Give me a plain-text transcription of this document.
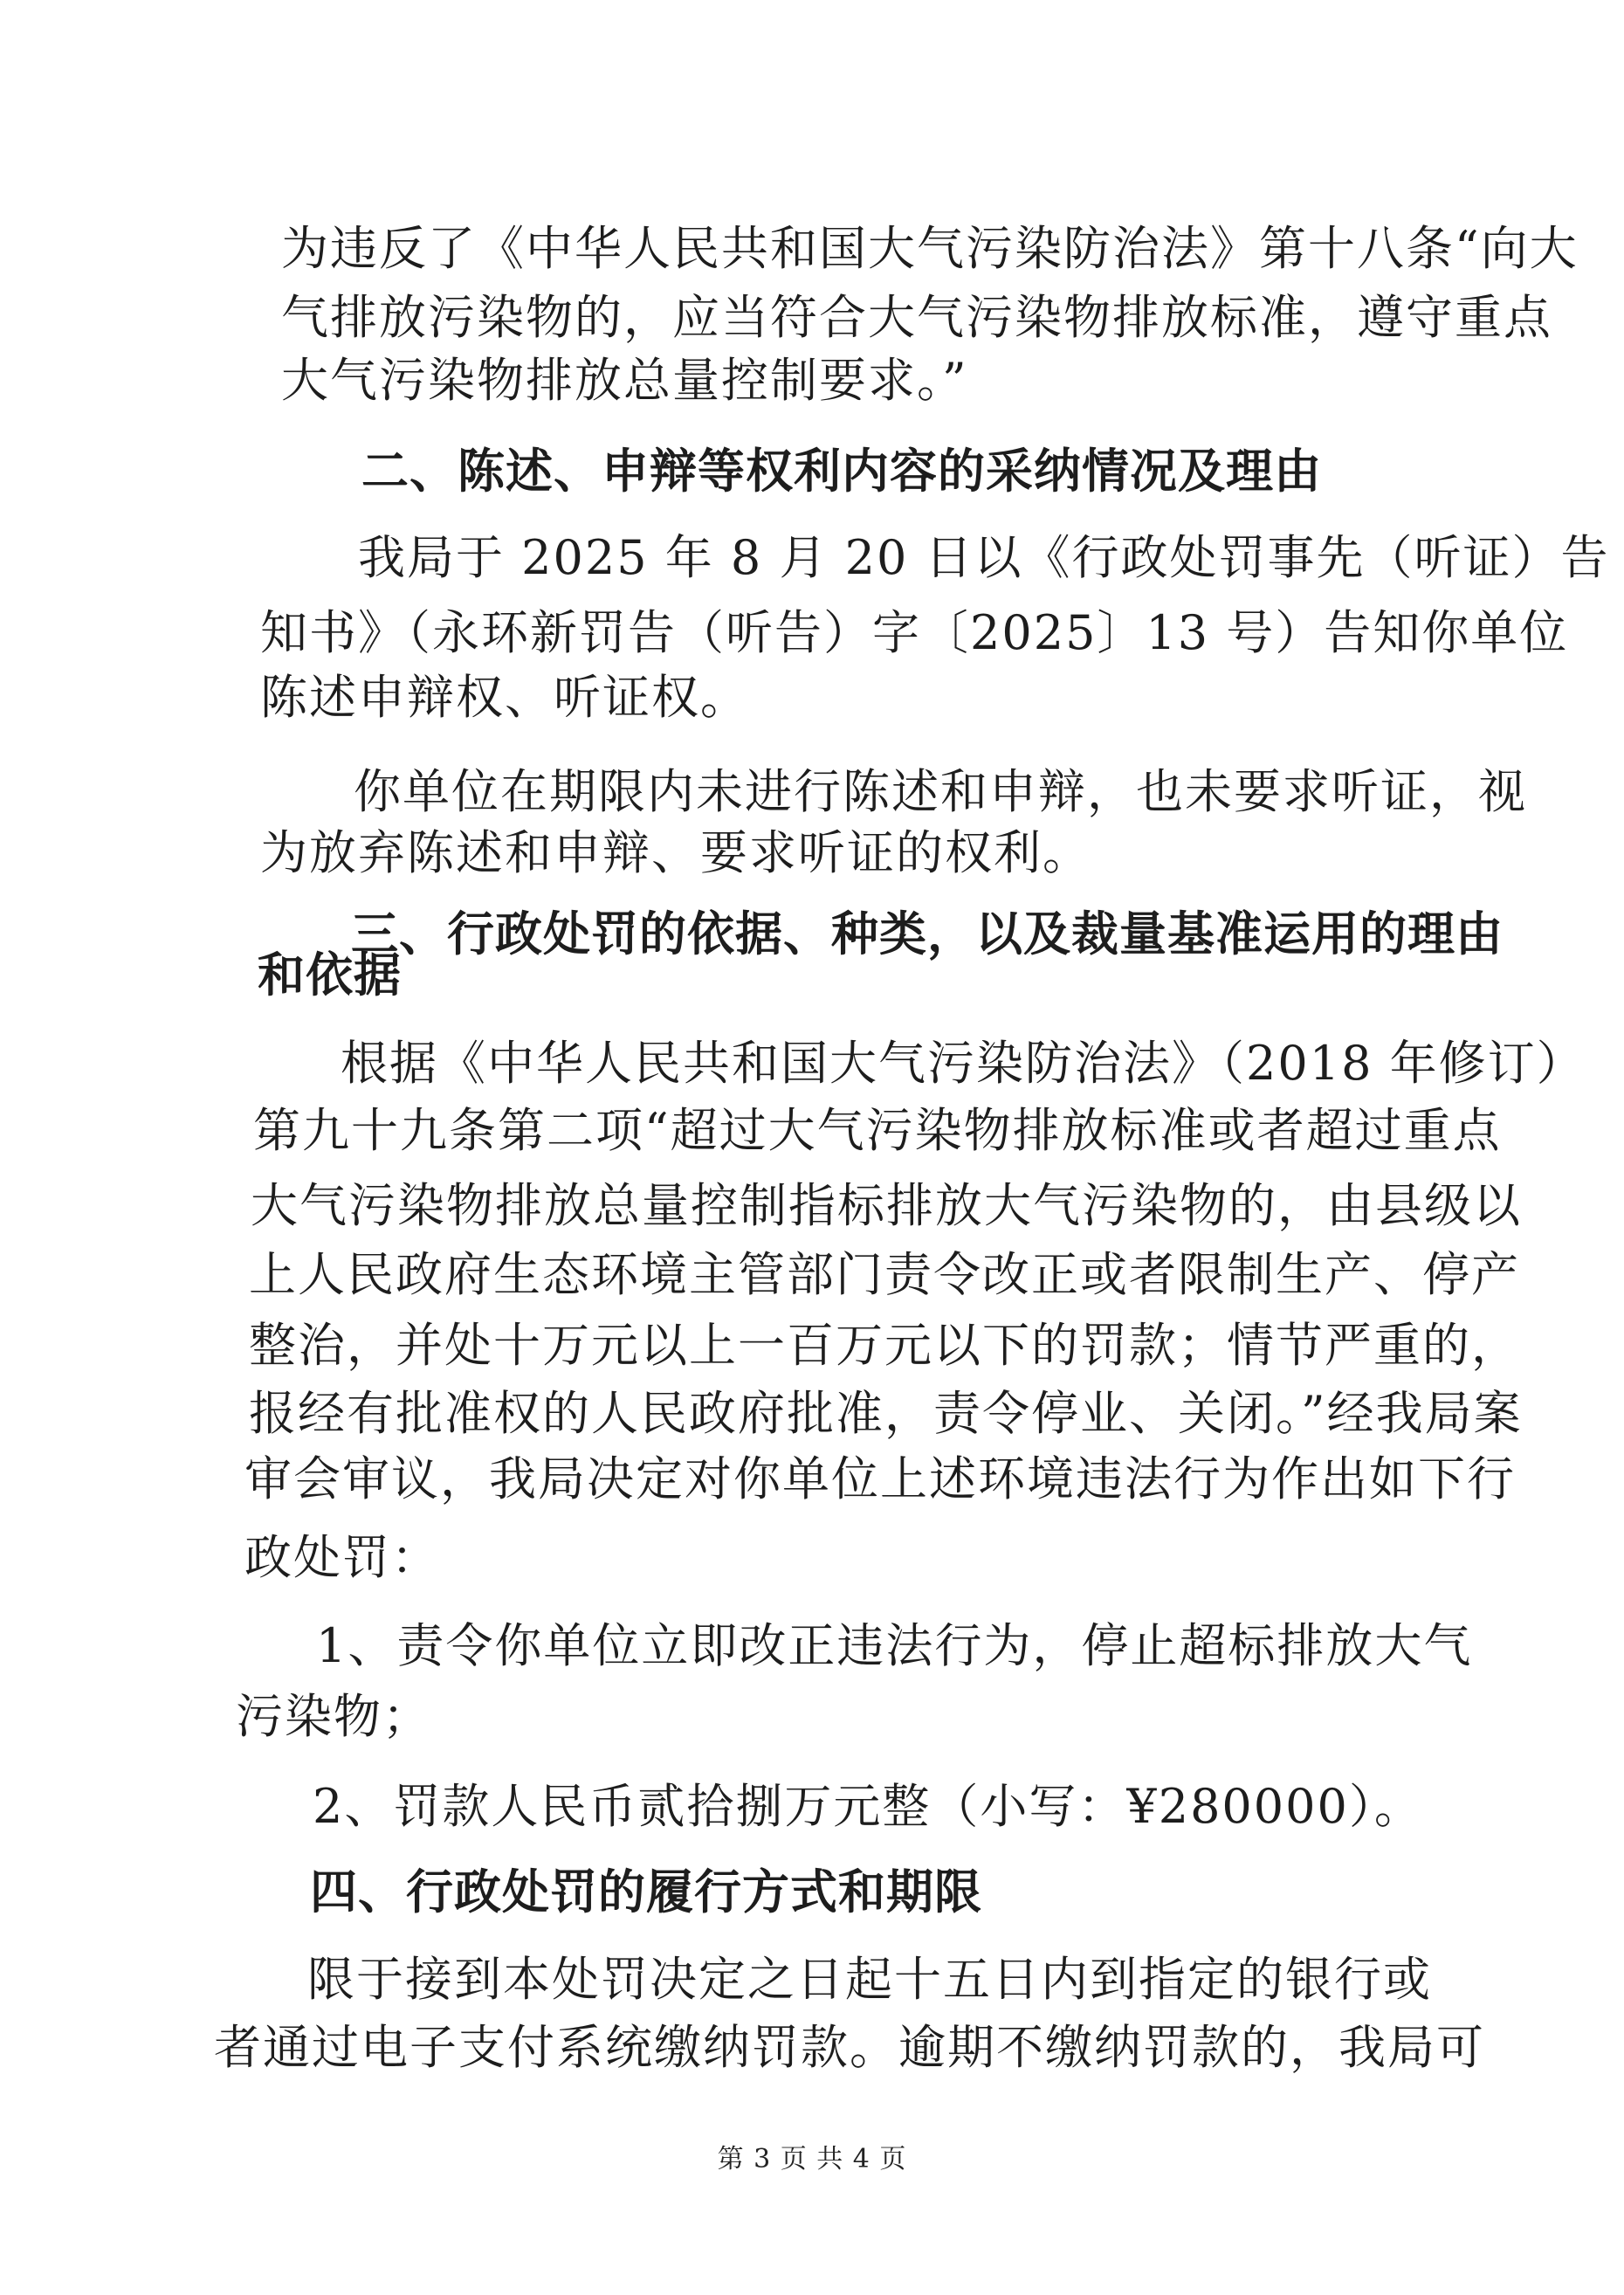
为违反了《中华人民共和国大气污染防治法》第十八条“向大
气排放污染物的，应当符合大气污染物排放标准，遵守重点
大气污染物排放总量控制要求。”
二、陈述、申辩等权利内容的采纳情况及理由
我局于 2025 年 8 月 20 日以《行政处罚事先（听证）告
知书》（永环新罚告（听告）字〔2025〕13 号）告知你单位
陈述申辩权、听证权。
你单位在期限内未进行陈述和申辩，也未要求听证，视
为放弃陈述和申辩、要求听证的权利。
三、行政处罚的依据、种类，以及裁量基准运用的理由
和依据
根据《中华人民共和国大气污染防治法》（2018 年修订）
第九十九条第二项“超过大气污染物排放标准或者超过重点
大气污染物排放总量控制指标排放大气污染物的，由县级以
上人民政府生态环境主管部门责令改正或者限制生产、停产
整治，并处十万元以上一百万元以下的罚款；情节严重的，
报经有批准权的人民政府批准，责令停业、关闭。”经我局案
审会审议，我局决定对你单位上述环境违法行为作出如下行
政处罚：
1、责令你单位立即改正违法行为，停止超标排放大气
污染物；
2、罚款人民币贰拾捌万元整（小写：¥280000）。
四、行政处罚的履行方式和期限
限于接到本处罚决定之日起十五日内到指定的银行或
者通过电子支付系统缴纳罚款。逾期不缴纳罚款的，我局可
第 3 页 共 4 页
